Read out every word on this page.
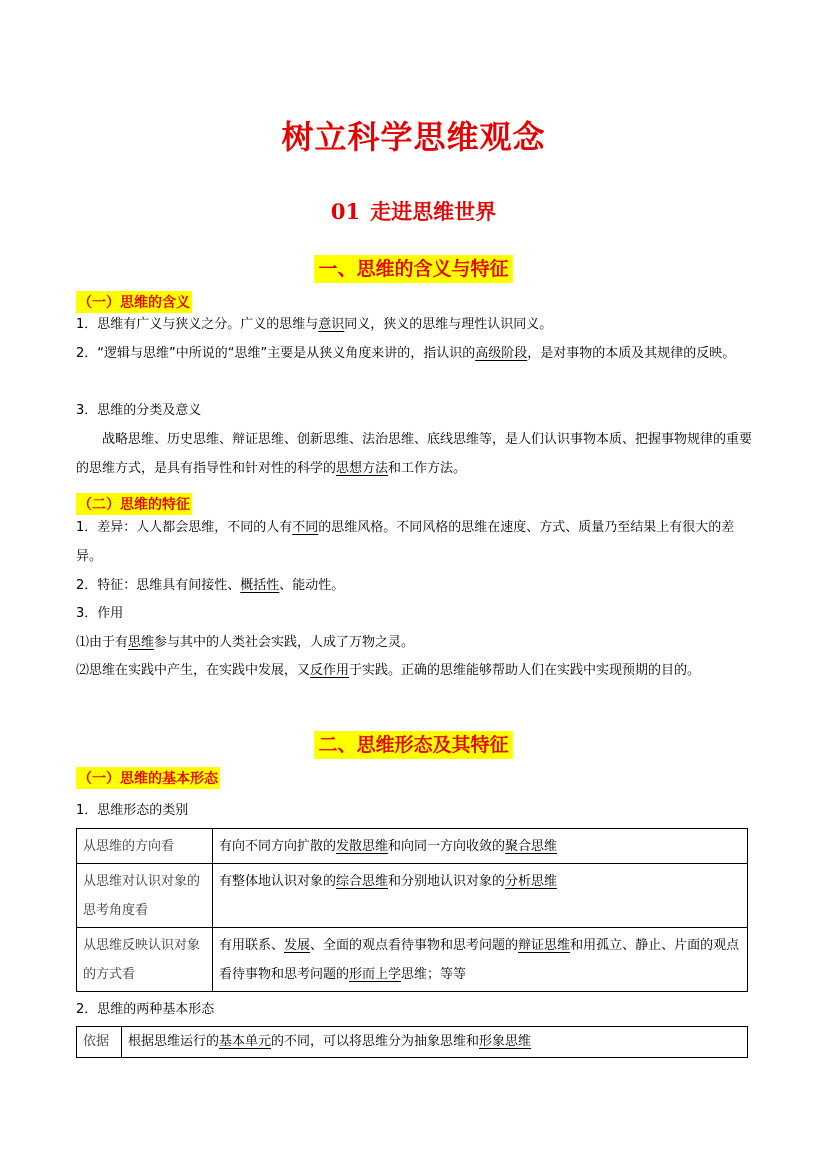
树立科学思维观念
01 走进思维世界
一、思维的含义与特征
（一）思维的含义
1．思维有广义与狭义之分。广义的思维与意识同义，狭义的思维与理性认识同义。
2．“逻辑与思维”中所说的“思维”主要是从狭义角度来讲的，指认识的高级阶段，是对事物的本质及其规律的反映。
3．思维的分类及意义
战略思维、历史思维、辩证思维、创新思维、法治思维、底线思维等，是人们认识事物本质、把握事物规律的重要的思维方式，是具有指导性和针对性的科学的思想方法和工作方法。
（二）思维的特征
1．差异：人人都会思维，不同的人有不同的思维风格。不同风格的思维在速度、方式、质量乃至结果上有很大的差异。
2．特征：思维具有间接性、概括性、能动性。
3．作用
⑴由于有思维参与其中的人类社会实践，人成了万物之灵。
⑵思维在实践中产生，在实践中发展，又反作用于实践。正确的思维能够帮助人们在实践中实现预期的目的。
二、思维形态及其特征
（一）思维的基本形态
1．思维形态的类别
从思维的方向看	有向不同方向扩散的发散思维和向同一方向收敛的聚合思维
从思维对认识对象的思考角度看	有整体地认识对象的综合思维和分别地认识对象的分析思维
从思维反映认识对象的方式看	有用联系、发展、全面的观点看待事物和思考问题的辩证思维和用孤立、静止、片面的观点看待事物和思考问题的形而上学思维；等等
2．思维的两种基本形态
依据	根据思维运行的基本单元的不同，可以将思维分为抽象思维和形象思维
